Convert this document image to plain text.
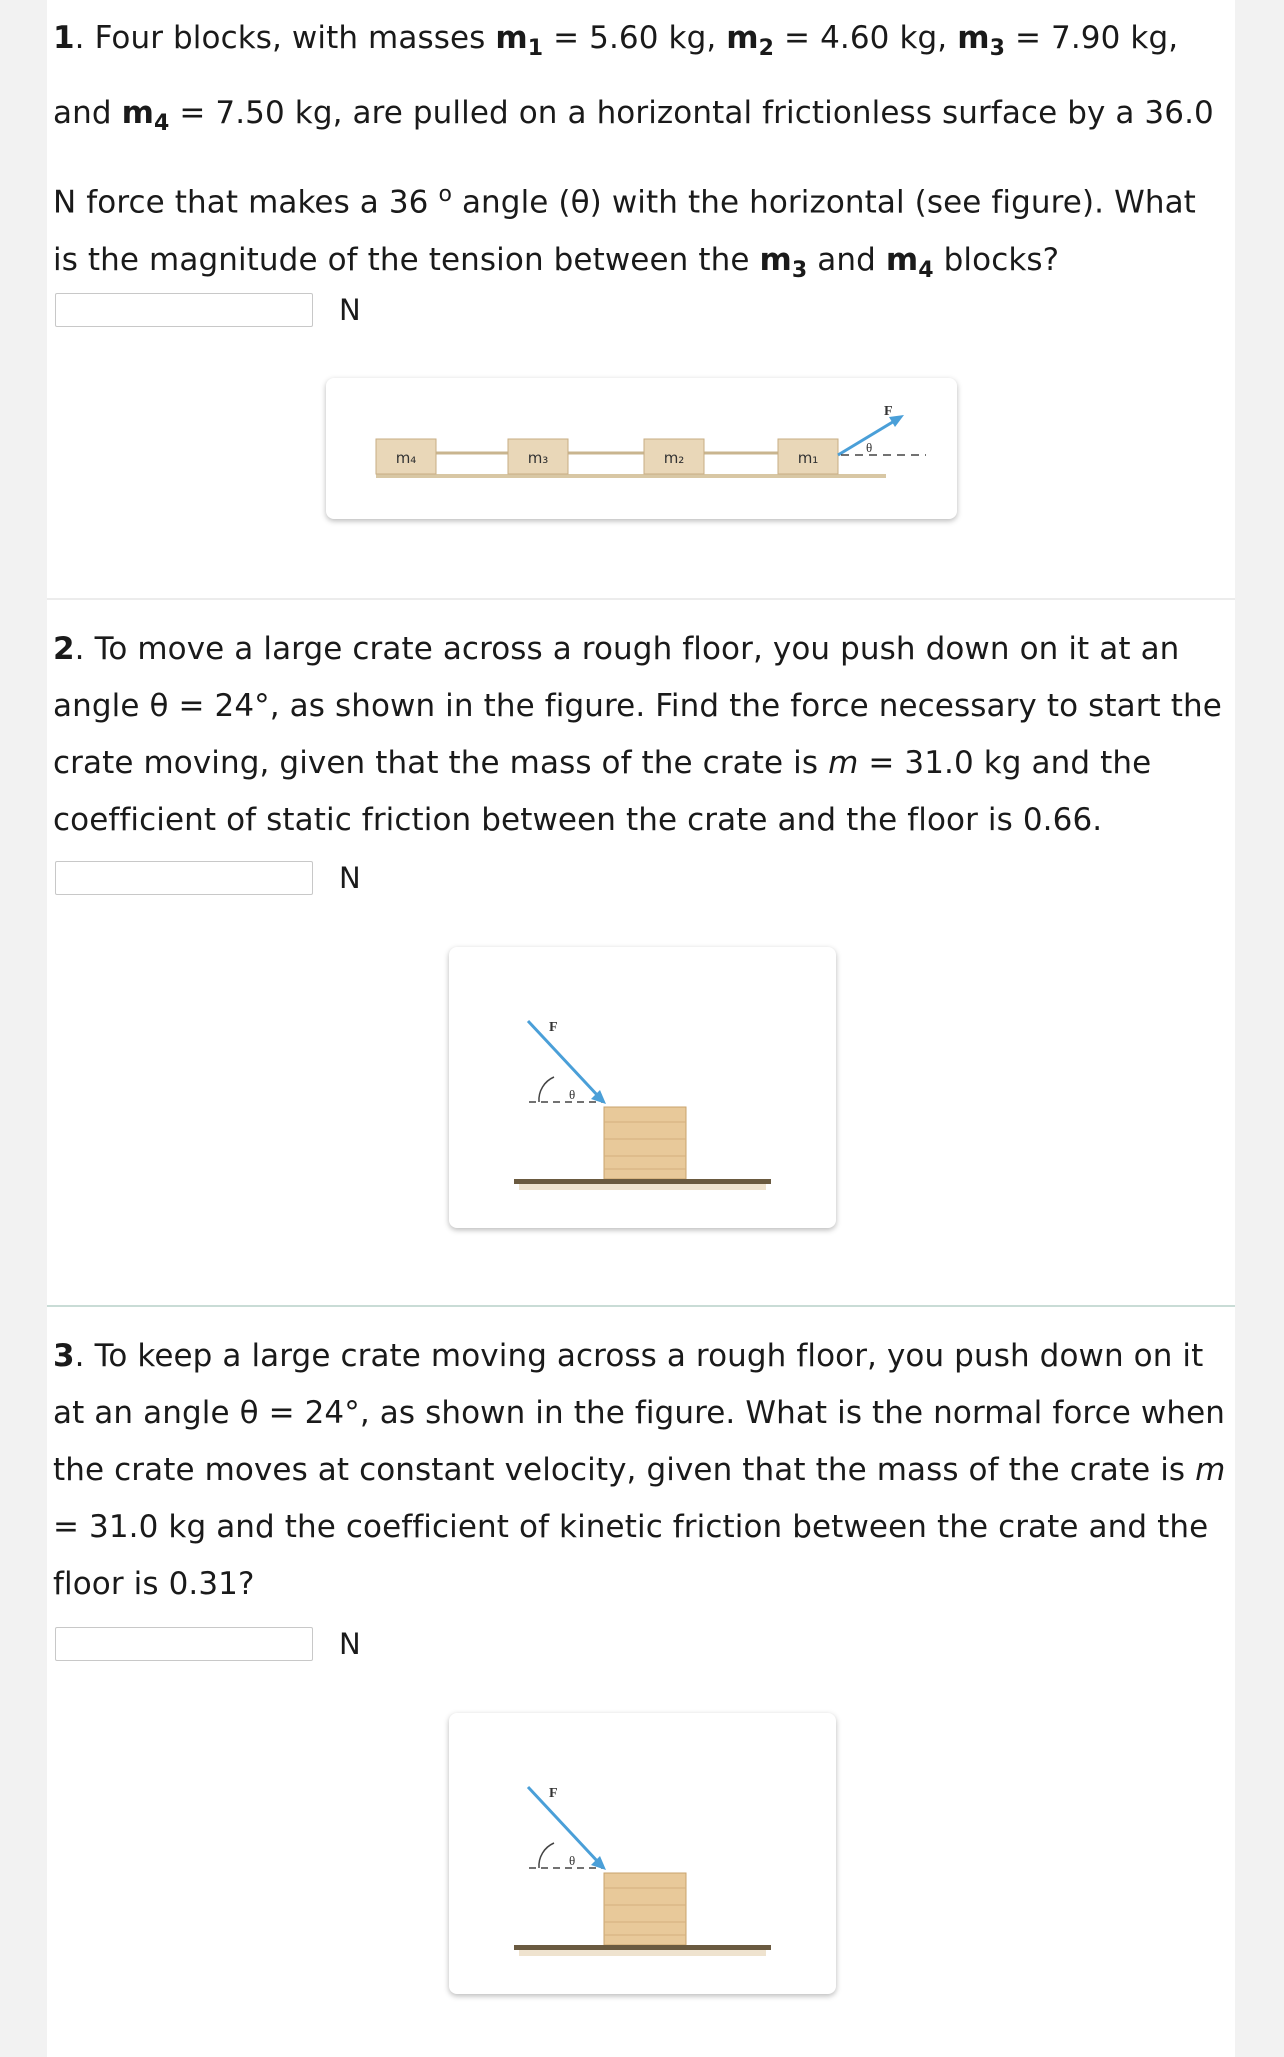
1. Four blocks, with masses $m_1 = 5.60$ kg, $m_2 = 4.60$ kg, $m_3 = 7.90$ kg,
and $m_4 = 7.50$ kg, are pulled on a horizontal frictionless surface by a 36.0
N force that makes a 36 $^o$ angle (θ) with the horizontal (see figure). What
is the magnitude of the tension between the $m_3$ and $m_4$ blocks?
N
m₄	m₃	m₂	m₁
F⃗
θ
2. To move a large crate across a rough floor, you push down on it at an
angle θ = 24°, as shown in the figure. Find the force necessary to start the
crate moving, given that the mass of the crate is m = 31.0 kg and the
coefficient of static friction between the crate and the floor is 0.66.
N
F⃗
θ
3. To keep a large crate moving across a rough floor, you push down on it
at an angle θ = 24°, as shown in the figure. What is the normal force when
the crate moves at constant velocity, given that the mass of the crate is m
= 31.0 kg and the coefficient of kinetic friction between the crate and the
floor is 0.31?
N
F⃗
θ
